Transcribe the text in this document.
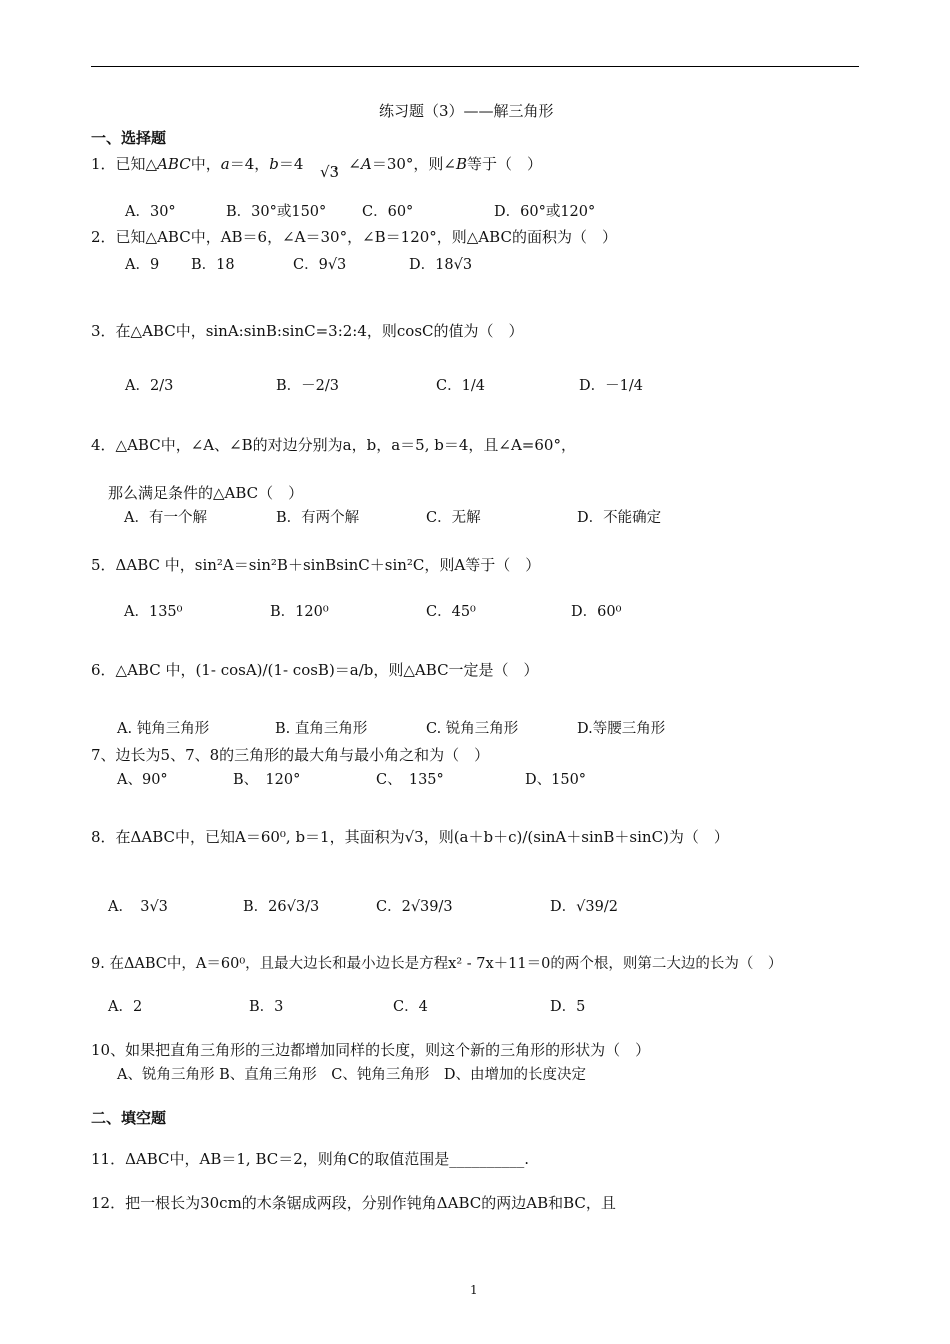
练习题（3）——解三角形
一、选择题
1．已知△ABC中，a＝4，b＝4 ，∠A＝30°，则∠B等于（　）
√3
A．30°	B．30°或150° C．60°	D．60°或120°
2．已知△ABC中，AB＝6，∠A＝30°，∠B＝120°，则△ABC的面积为（　）
A．9 B．18	C．9√3	D．18√3
3．在△ABC中，sinA:sinB:sinC=3:2:4，则cosC的值为（　）
A．2/3	B．－2/3	C．1/4	D．－1/4
4．△ABC中，∠A、∠B的对边分别为a，b，a＝5, b＝4，且∠A=60°，
那么满足条件的△ABC（　）
A．有一个解	B．有两个解	C．无解	D．不能确定
5．ΔABC 中，sin²A＝sin²B＋sinBsinC＋sin²C，则A等于（　）
A．135⁰	B．120⁰	C．45⁰	D．60⁰
6．△ABC 中，(1- cosA)/(1- cosB)＝a/b，则△ABC一定是（　）
A. 钝角三角形	B. 直角三角形	C. 锐角三角形	D.等腰三角形
7、边长为5、7、8的三角形的最大角与最小角之和为（　）
A、90°	B、　120°	C、　135°	D、150°
8．在ΔABC中，已知A＝60⁰, b＝1，其面积为√3，则(a＋b＋c)/(sinA＋sinB＋sinC)为（　）
A．　3√3	B．26√3/3	C．2√39/3	D．√39/2
9. 在ΔABC中，A＝60⁰，且最大边长和最小边长是方程x² - 7x＋11＝0的两个根，则第二大边的长为（　）
A．2	B．3	C．4	D．5
10、如果把直角三角形的三边都增加同样的长度，则这个新的三角形的形状为（　）
A、锐角三角形 B、直角三角形　C、钝角三角形　D、由增加的长度决定
二、填空题
11．ΔABC中，AB＝1, BC＝2，则角C的取值范围是__________.
12．把一根长为30cm的木条锯成两段，分别作钝角ΔABC的两边AB和BC，且
1
